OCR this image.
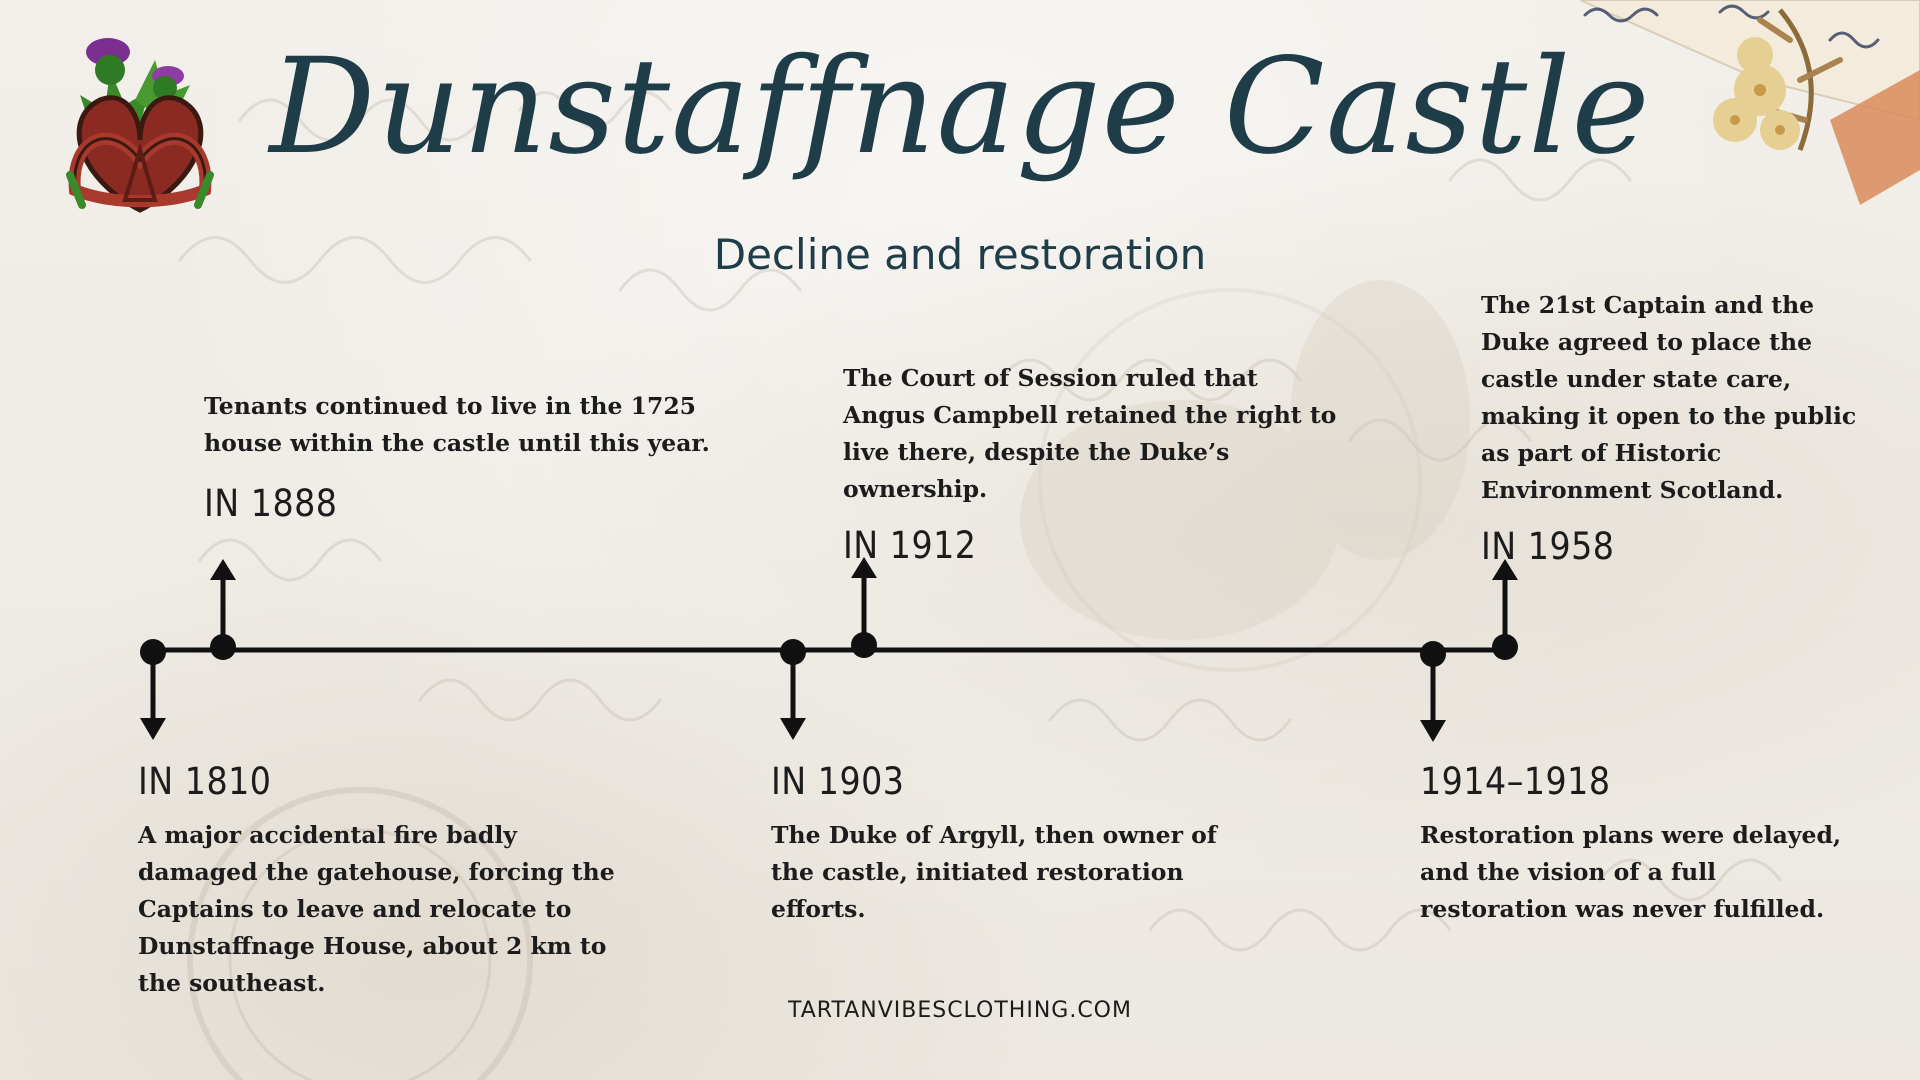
Dunstaffnage Castle
Decline and restoration
Tenants continued to live in the 1725 house within the castle until this year.
IN 1888
The Court of Session ruled that Angus Campbell retained the right to live there, despite the Duke’s ownership.
IN 1912
The 21st Captain and the Duke agreed to place the castle under state care, making it open to the public as part of Historic Environment Scotland.
IN 1958
IN 1810
A major accidental fire badly damaged the gatehouse, forcing the Captains to leave and relocate to Dunstaffnage House, about 2 km to the southeast.
IN 1903
The Duke of Argyll, then owner of the castle, initiated restoration efforts.
1914–1918
Restoration plans were delayed, and the vision of a full restoration was never fulfilled.
TARTANVIBESCLOTHING.COM
